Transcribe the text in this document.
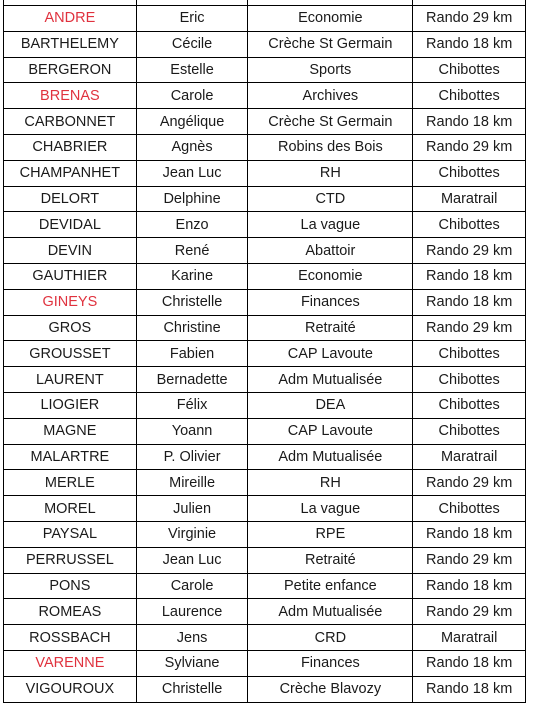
ANDRE	Eric	Economie	Rando 29 km
BARTHELEMY	Cécile	Crèche St Germain	Rando 18 km
BERGERON	Estelle	Sports	Chibottes
BRENAS	Carole	Archives	Chibottes
CARBONNET	Angélique	Crèche St Germain	Rando 18 km
CHABRIER	Agnès	Robins des Bois	Rando 29 km
CHAMPANHET	Jean Luc	RH	Chibottes
DELORT	Delphine	CTD	Maratrail
DEVIDAL	Enzo	La vague	Chibottes
DEVIN	René	Abattoir	Rando 29 km
GAUTHIER	Karine	Economie	Rando 18 km
GINEYS	Christelle	Finances	Rando 18 km
GROS	Christine	Retraité	Rando 29 km
GROUSSET	Fabien	CAP Lavoute	Chibottes
LAURENT	Bernadette	Adm Mutualisée	Chibottes
LIOGIER	Félix	DEA	Chibottes
MAGNE	Yoann	CAP Lavoute	Chibottes
MALARTRE	P. Olivier	Adm Mutualisée	Maratrail
MERLE	Mireille	RH	Rando 29 km
MOREL	Julien	La vague	Chibottes
PAYSAL	Virginie	RPE	Rando 18 km
PERRUSSEL	Jean Luc	Retraité	Rando 29 km
PONS	Carole	Petite enfance	Rando 18 km
ROMEAS	Laurence	Adm Mutualisée	Rando 29 km
ROSSBACH	Jens	CRD	Maratrail
VARENNE	Sylviane	Finances	Rando 18 km
VIGOUROUX	Christelle	Crèche Blavozy	Rando 18 km
